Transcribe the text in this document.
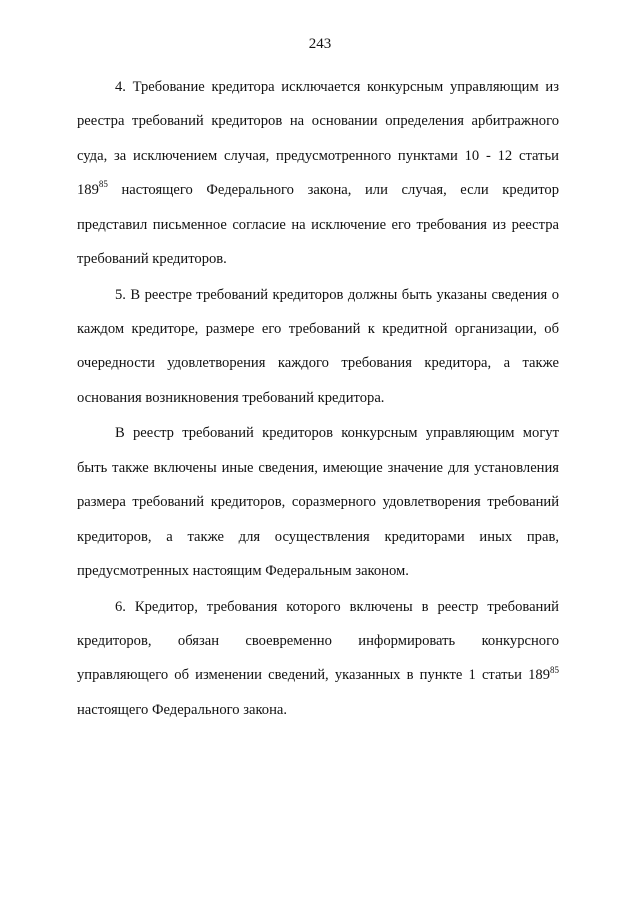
243

4. Требование кредитора исключается конкурсным управляющим из реестра требований кредиторов на основании определения арбитражного суда, за исключением случая, предусмотренного пунктами 10 - 12 статьи $189^{85}$ настоящего Федерального закона, или случая, если кредитор представил письменное согласие на исключение его требования из реестра требований кредиторов.

5. В реестре требований кредиторов должны быть указаны сведения о каждом кредиторе, размере его требований к кредитной организации, об очередности удовлетворения каждого требования кредитора, а также основания возникновения требований кредитора.

В реестр требований кредиторов конкурсным управляющим могут быть также включены иные сведения, имеющие значение для установления размера требований кредиторов, соразмерного удовлетворения требований кредиторов, а также для осуществления кредиторами иных прав, предусмотренных настоящим Федеральным законом.

6. Кредитор, требования которого включены в реестр требований кредиторов, обязан своевременно информировать конкурсного управляющего об изменении сведений, указанных в пункте 1 статьи $189^{85}$ настоящего Федерального закона.
